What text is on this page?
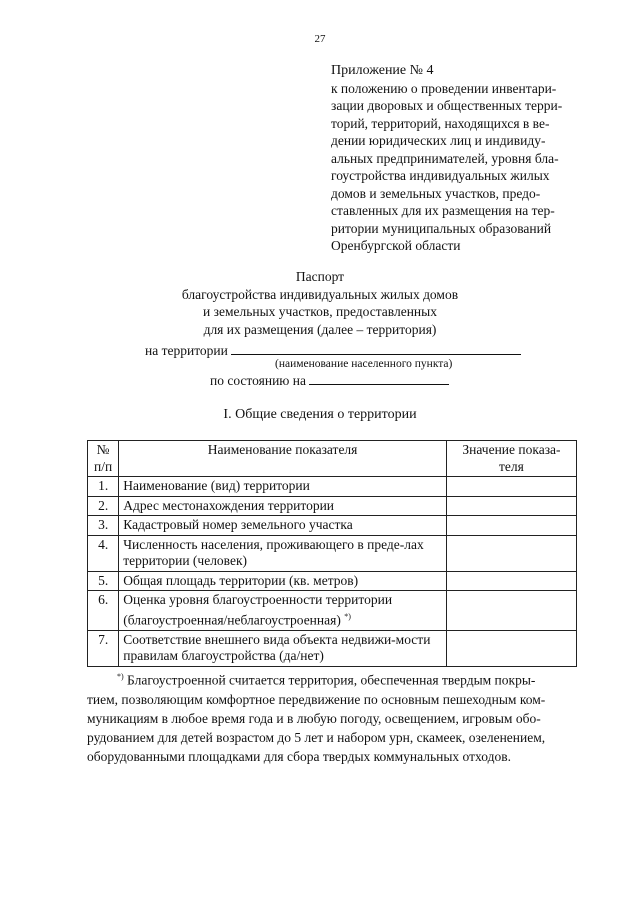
27
Приложение № 4
к положению о проведении инвентари-
зации дворовых и общественных терри-
торий, территорий, находящихся в ве-
дении юридических лиц и индивиду-
альных предпринимателей, уровня бла-
гоустройства индивидуальных жилых
домов и земельных участков, предо-
ставленных для их размещения на тер-
ритории муниципальных образований
Оренбургской области
Паспорт
благоустройства индивидуальных жилых домов
и земельных участков, предоставленных
для их размещения (далее – территория)
на территории
(наименование населенного пункта)
по состоянию на
I. Общие сведения о территории
№ п/п	Наименование показателя	Значение показа-теля
1.	Наименование (вид) территории	
2.	Адрес местонахождения территории	
3.	Кадастровый номер земельного участка	
4.	Численность населения, проживающего в преде-лах территории (человек)	
5.	Общая площадь территории (кв. метров)	
6.	Оценка уровня благоустроенности территории (благоустроенная/неблагоустроенная) *)	
7.	Соответствие внешнего вида объекта недвижи-мости правилам благоустройства (да/нет)	
*) Благоустроенной считается территория, обеспеченная твердым покры-
тием, позволяющим комфортное передвижение по основным пешеходным ком-
муникациям в любое время года и в любую погоду, освещением, игровым обо-
рудованием для детей возрастом до 5 лет и набором урн, скамеек, озеленением,
оборудованными площадками для сбора твердых коммунальных отходов.
